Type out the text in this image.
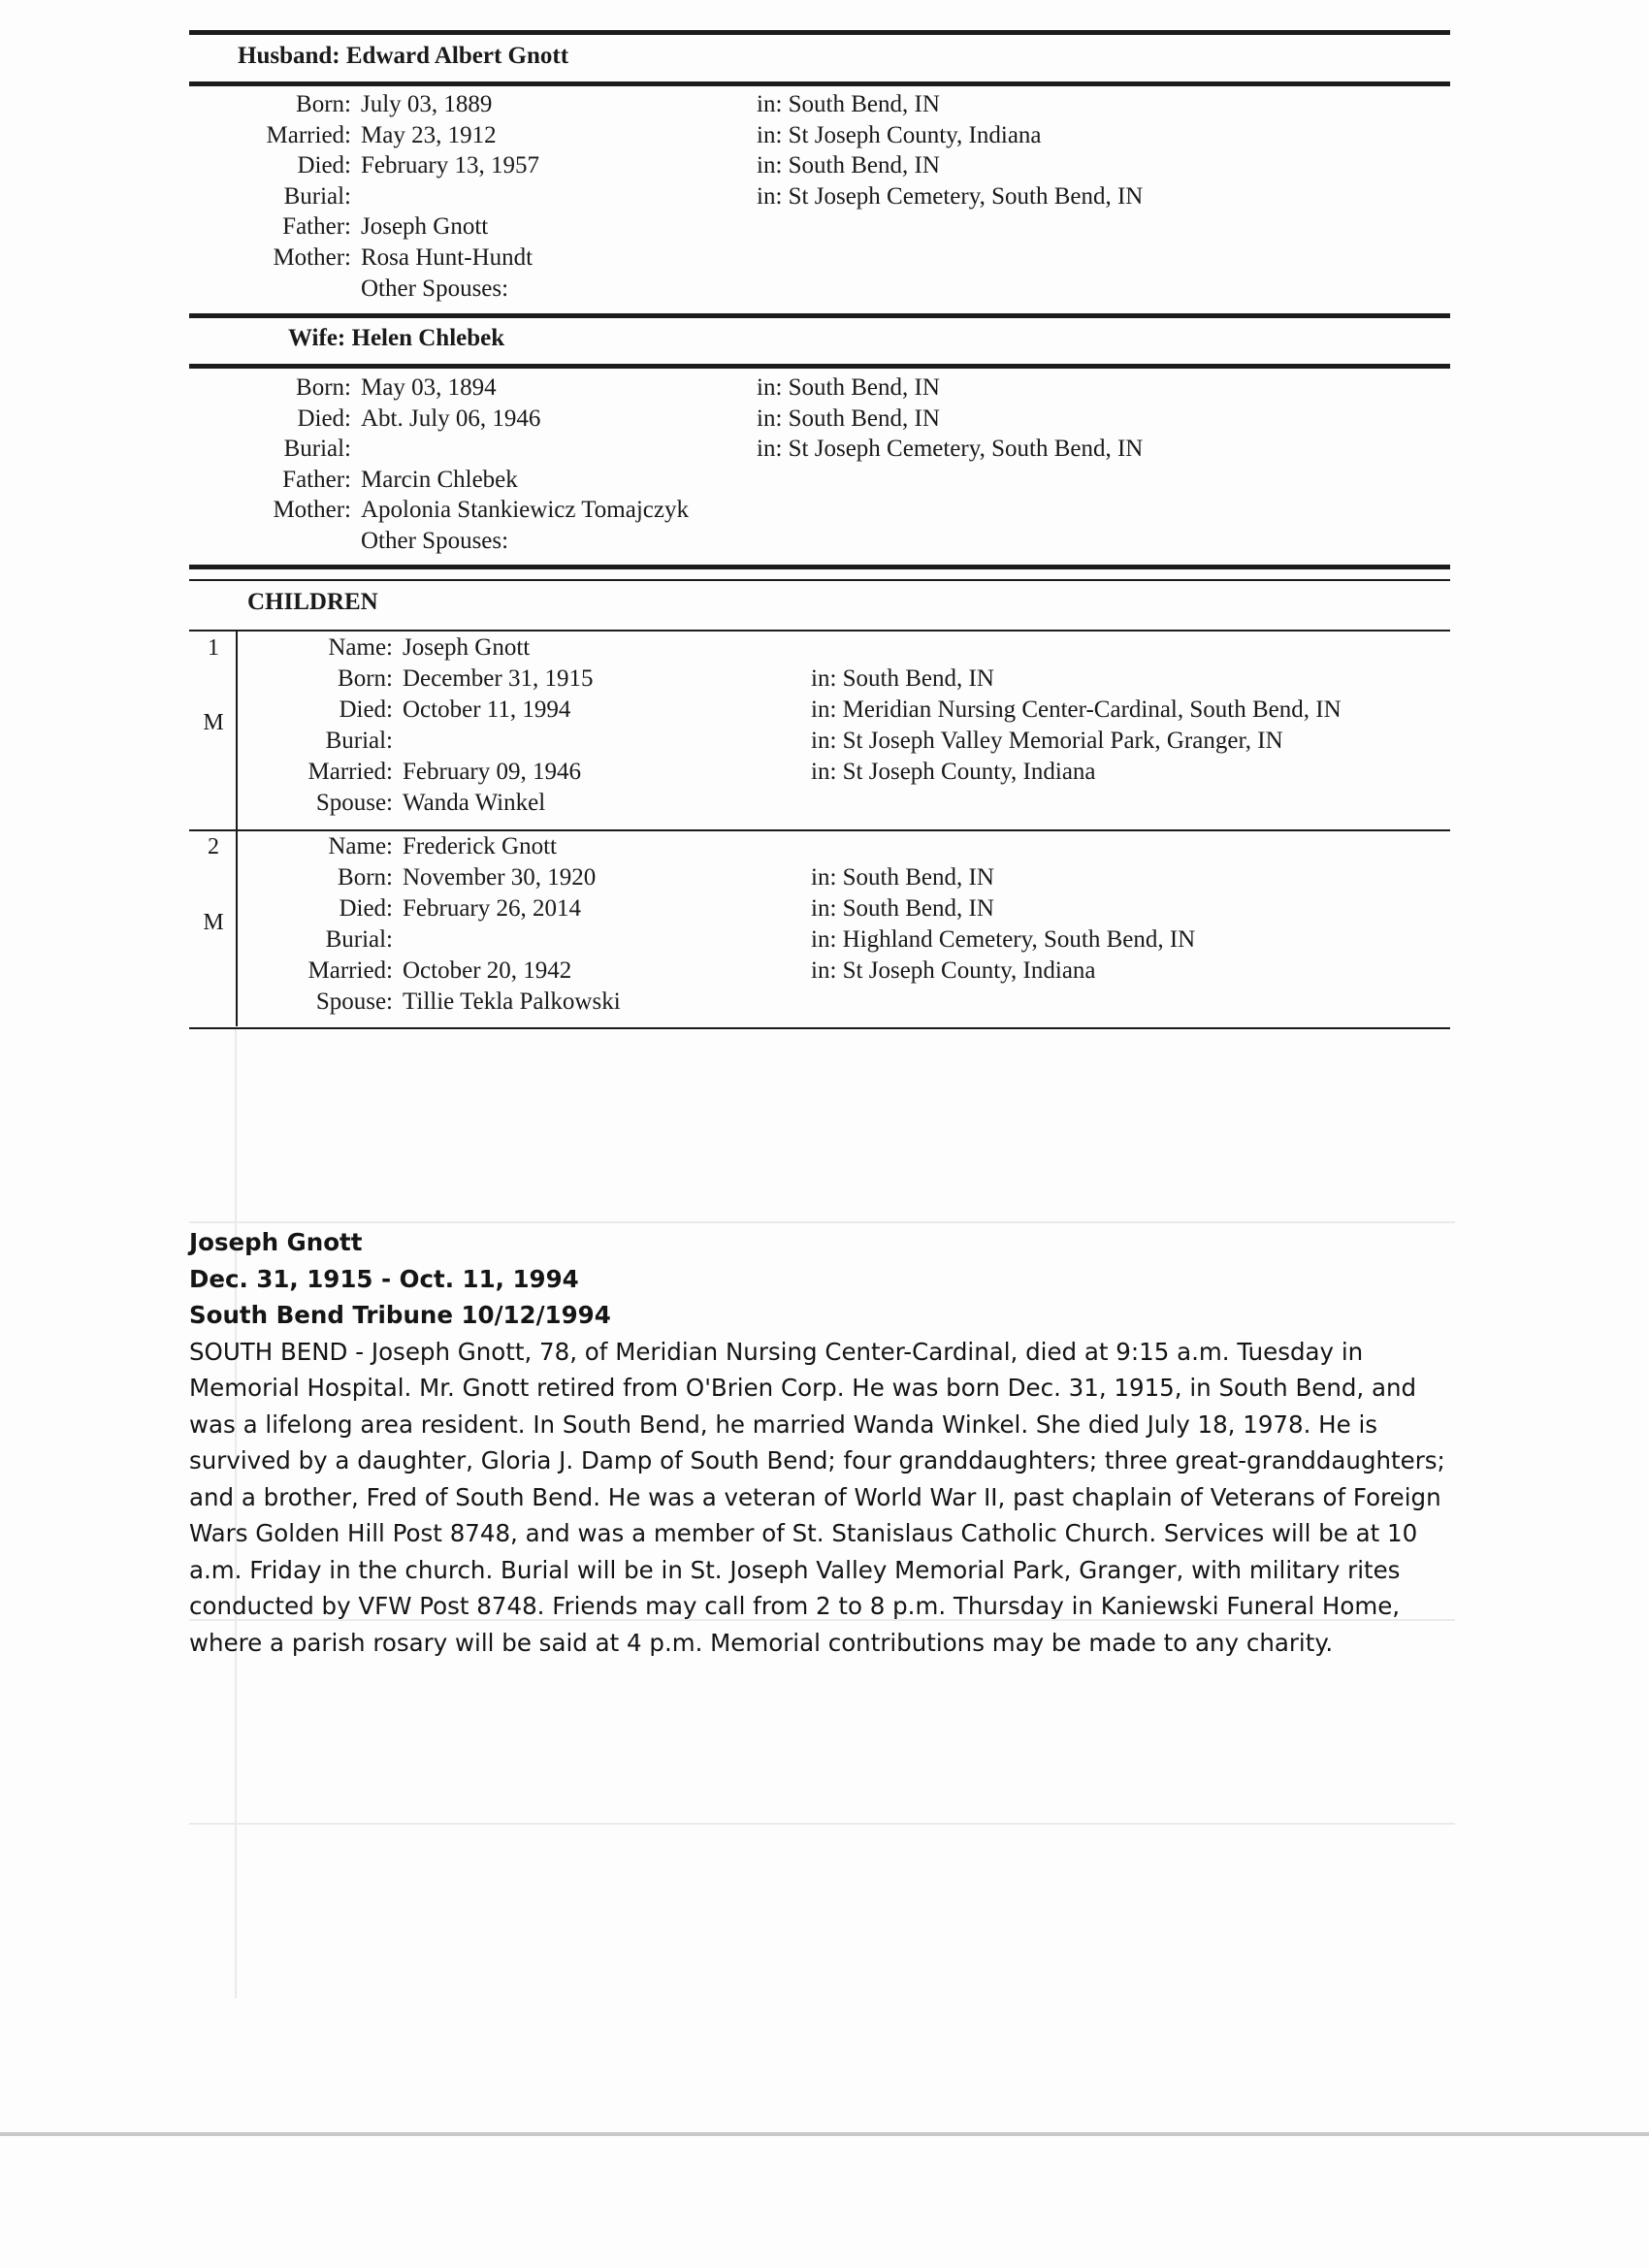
Husband: Edward Albert Gnott
Born: July 03, 1889	in: South Bend, IN
Married: May 23, 1912	in: St Joseph County, Indiana
Died: February 13, 1957	in: South Bend, IN
Burial:	in: St Joseph Cemetery, South Bend, IN
Father: Joseph Gnott
Mother: Rosa Hunt-Hundt
Other Spouses:
Wife: Helen Chlebek
Born: May 03, 1894	in: South Bend, IN
Died: Abt. July 06, 1946	in: South Bend, IN
Burial:	in: St Joseph Cemetery, South Bend, IN
Father: Marcin Chlebek
Mother: Apolonia Stankiewicz Tomajczyk
Other Spouses:
CHILDREN
1
M
Name: Joseph Gnott
Born: December 31, 1915	in: South Bend, IN
Died: October 11, 1994	in: Meridian Nursing Center-Cardinal, South Bend, IN
Burial:	in: St Joseph Valley Memorial Park, Granger, IN
Married: February 09, 1946	in: St Joseph County, Indiana
Spouse: Wanda Winkel
2
M
Name: Frederick Gnott
Born: November 30, 1920	in: South Bend, IN
Died: February 26, 2014	in: South Bend, IN
Burial:	in: Highland Cemetery, South Bend, IN
Married: October 20, 1942	in: St Joseph County, Indiana
Spouse: Tillie Tekla Palkowski
Joseph Gnott
Dec. 31, 1915 - Oct. 11, 1994
South Bend Tribune 10/12/1994
SOUTH BEND - Joseph Gnott, 78, of Meridian Nursing Center-Cardinal, died at 9:15 a.m. Tuesday in Memorial Hospital. Mr. Gnott retired from O'Brien Corp. He was born Dec. 31, 1915, in South Bend, and was a lifelong area resident. In South Bend, he married Wanda Winkel. She died July 18, 1978. He is survived by a daughter, Gloria J. Damp of South Bend; four granddaughters; three great-granddaughters; and a brother, Fred of South Bend. He was a veteran of World War II, past chaplain of Veterans of Foreign Wars Golden Hill Post 8748, and was a member of St. Stanislaus Catholic Church. Services will be at 10 a.m. Friday in the church. Burial will be in St. Joseph Valley Memorial Park, Granger, with military rites conducted by VFW Post 8748. Friends may call from 2 to 8 p.m. Thursday in Kaniewski Funeral Home, where a parish rosary will be said at 4 p.m. Memorial contributions may be made to any charity.
